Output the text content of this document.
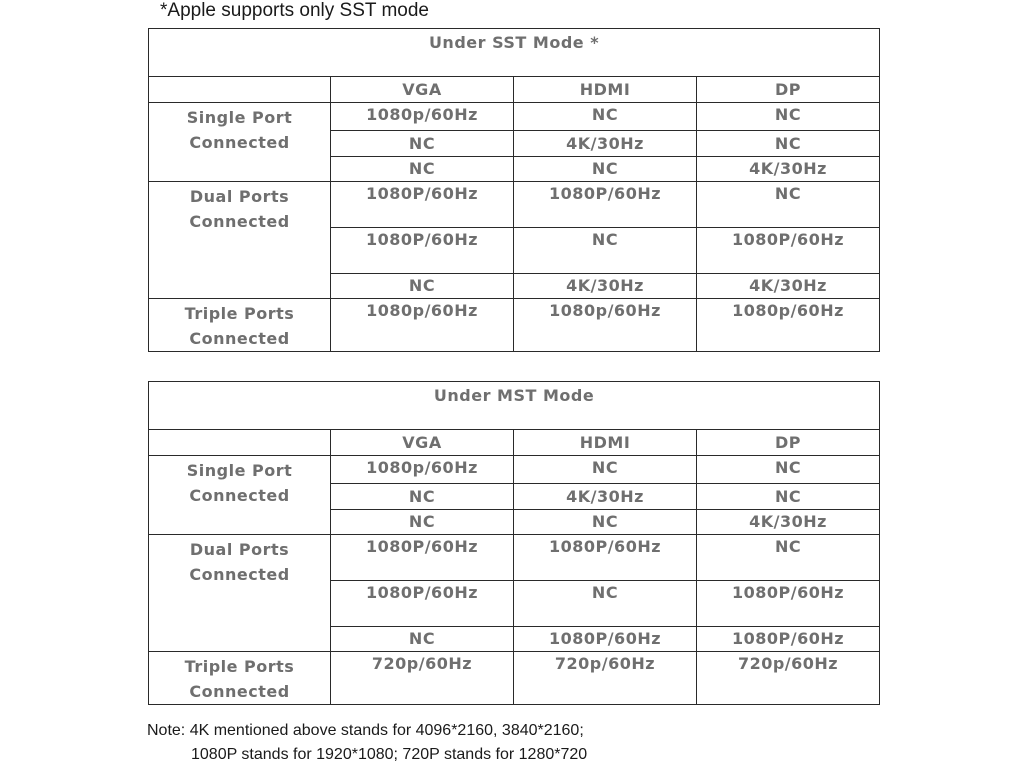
*Apple supports only SST mode
Under SST Mode *			
	VGA	HDMI	DP

Single Port
Connected	1080p/60Hz	NC	NC
	NC	4K/30Hz	NC
	NC	NC	4K/30Hz

Dual Ports
Connected	1080P/60Hz	1080P/60Hz	NC
	1080P/60Hz	NC	1080P/60Hz
	NC	4K/30Hz	4K/30Hz

Triple Ports
Connected	1080p/60Hz	1080p/60Hz	1080p/60Hz
Under MST Mode			
	VGA	HDMI	DP

Single Port
Connected	1080p/60Hz	NC	NC
	NC	4K/30Hz	NC
	NC	NC	4K/30Hz

Dual Ports
Connected	1080P/60Hz	1080P/60Hz	NC
	1080P/60Hz	NC	1080P/60Hz
	NC	1080P/60Hz	1080P/60Hz

Triple Ports
Connected	720p/60Hz	720p/60Hz	720p/60Hz
Note: 4K mentioned above stands for 4096*2160, 3840*2160;
1080P stands for 1920*1080; 720P stands for 1280*720
